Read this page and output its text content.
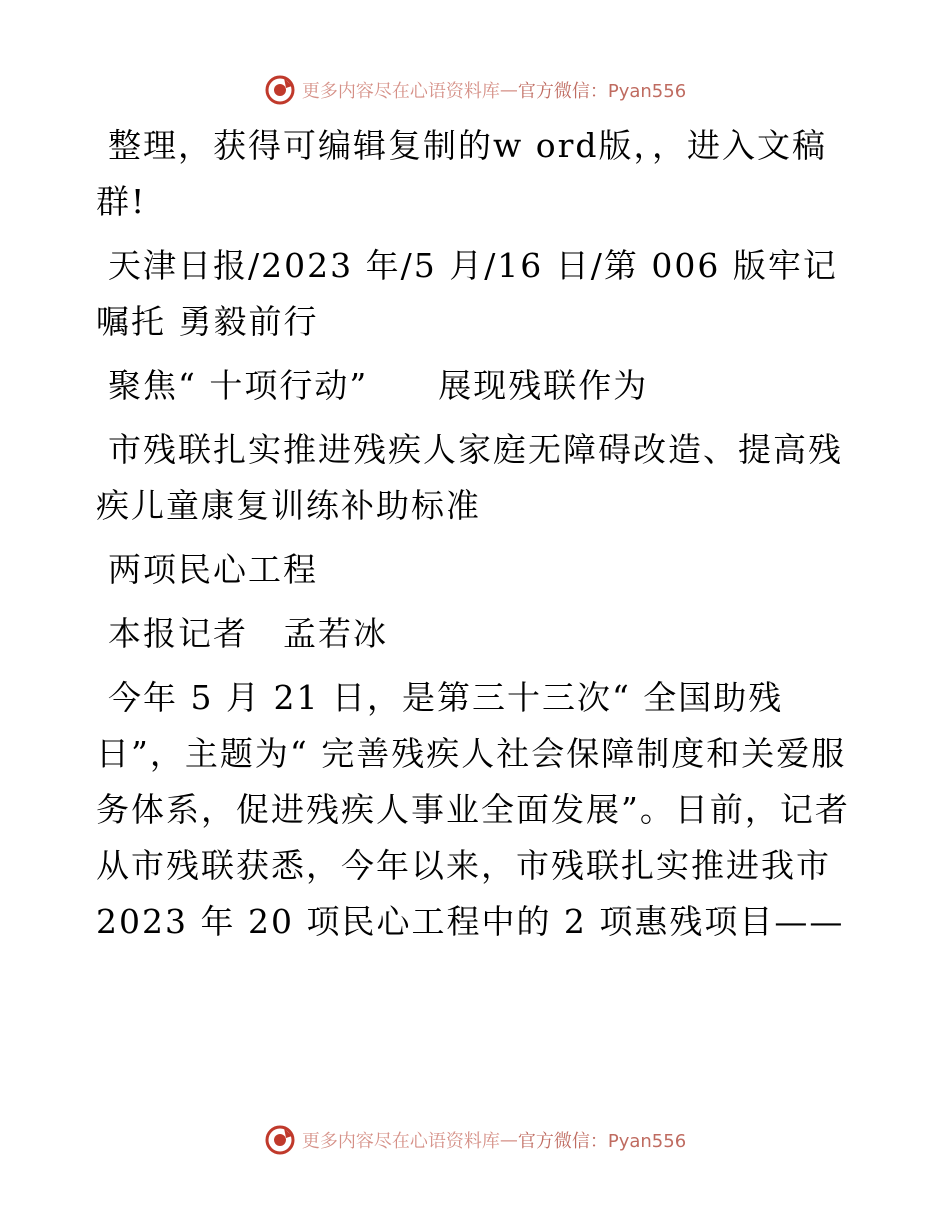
更多内容尽在心语资料库 — 官方微信：Pyan556

整理，获得可编辑复制的w ord版，，进入文稿群!

天津日报/2023 年/5 月/16 日/第 006 版牢记嘱托 勇毅前行

聚焦“ 十项行动”　　展现残联作为

市残联扎实推进残疾人家庭无障碍改造、提高残疾儿童康复训练补助标准

两项民心工程

本报记者　孟若冰

今年 5 月 21 日，是第三十三次“ 全国助残日”，主题为“ 完善残疾人社会保障制度和关爱服务体系，促进残疾人事业全面发展”。日前，记者从市残联获悉，今年以来，市残联扎实推进我市 2023 年 20 项民心工程中的 2 项惠残项目——

更多内容尽在心语资料库 — 官方微信：Pyan556
